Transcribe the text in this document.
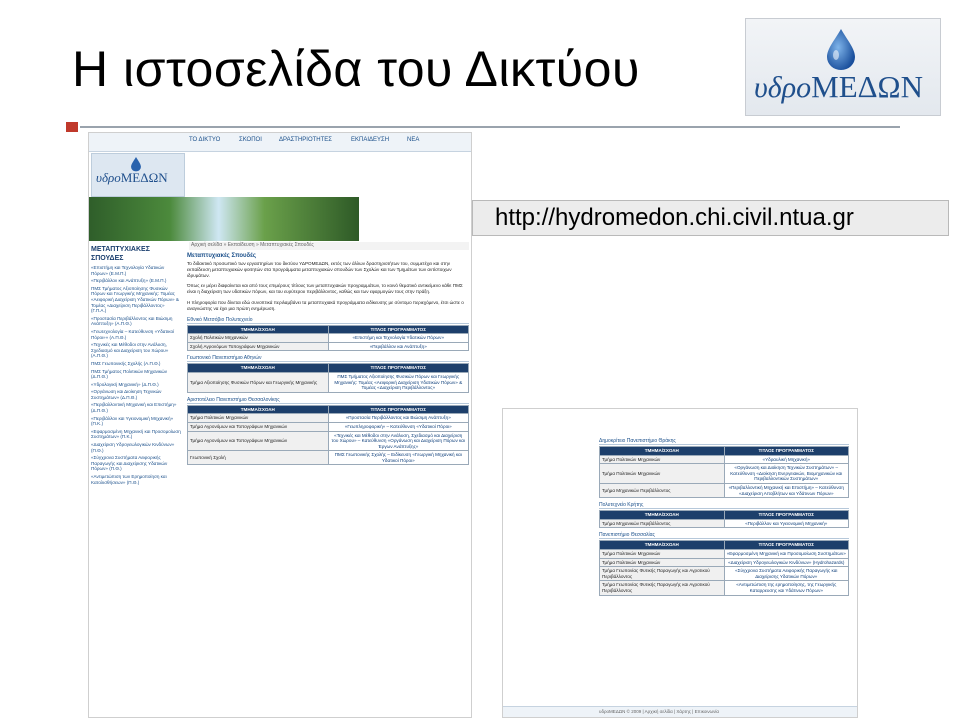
Η ιστοσελίδα του Δικτύου	υδροΜΕΔΩΝ
ΤΟ ΔΙΚΤΥΟ	ΣΚΟΠΟΙ	ΔΡΑΣΤΗΡΙΟΤΗΤΕΣ	ΕΚΠΑΙΔΕΥΣΗ	ΝΕΑ
υδροΜΕΔΩΝ
Αρχική σελίδα » Εκπαίδευση » Μεταπτυχιακές Σπουδές
ΜΕΤΑΠΤΥΧΙΑΚΕΣ ΣΠΟΥΔΕΣ
«Επιστήμη και Τεχνολογία Υδατικών Πόρων» (Ε.Μ.Π.)
«Περιβάλλον και Ανάπτυξη» (Ε.Μ.Π.)
ΠΜΣ Τμήματος Αξιοποίησης Φυσικών Πόρων και Γεωργικής Μηχανικής: Τομέας «Αειφορική Διαχείριση Υδατικών Πόρων» & Τομέας «Διαχείριση Περιβάλλοντος» (Γ.Π.Α.)
«Προστασία Περιβάλλοντος και Βιώσιμη Ανάπτυξη» (Α.Π.Θ.)
«Γεωτεχνολογία – Κατεύθυνση «Υδατικοί Πόροι»» (Α.Π.Θ.)
«Τεχνικές και Μέθοδοι στην Ανάλυση, Σχεδιασμό και Διαχείριση του Χώρου» (Α.Π.Θ.)
ΠΜΣ Γεωπονικής Σχολής (Α.Π.Θ.)
ΠΜΣ Τμήματος Πολιτικών Μηχανικών (Δ.Π.Θ.)
«Υδρολογική Μηχανική» (Δ.Π.Θ.)
«Οργάνωση και Διοίκηση Τεχνικών Συστημάτων» (Δ.Π.Θ.)
«Περιβαλλοντική Μηχανική και Επιστήμη» (Δ.Π.Θ.)
«Περιβάλλον και Υγειονομική Μηχανική» (Π.Κ.)
«Εφαρμοσμένη Μηχανική και Προσομοίωση Συστημάτων» (Π.Κ.)
«Διαχείριση Υδρογεωλογικών Κινδύνων» (Π.Θ.)
«Σύγχρονα Συστήματα Αειφορικής Παραγωγής και Διαχείρισης Υδατικών Πόρων» (Π.Θ.)
«Αντιμετώπιση των Ερημοποίηση και Κατολισθήσεων» (Π.Θ.)
Μεταπτυχιακές Σπουδές
Το διδακτικό προσωπικό των εργαστηρίων του δικτύου ΥΔΡΟΜΕΔΩΝ, εκτός των άλλων δραστηριοτήτων του, συμμετέχει και στην εκπαίδευση μεταπτυχιακών φοιτητών στα προγράμματα μεταπτυχιακών σπουδών των Σχολών και των Τμημάτων των αντίστοιχων ιδρυμάτων.
Όπως εν μέρει διαφαίνεται και από τους επιμέρους τίτλους των μεταπτυχιακών προγραμμάτων, το κοινό θεματικό αντικείμενο κάθε ΠΜΣ είναι η διαχείριση των υδατικών πόρων, και του ευρύτερου περιβάλλοντος, καθώς και των εφαρμογών τους στην πράξη.
Η πληροφορία που δίνεται εδώ συνοπτικά περιλαμβάνει τα μεταπτυχιακά προγράμματα ειδίκευσης με σύντομο περιεχόμενο, έτσι ώστε ο αναγνώστης να έχει μια πρώτη ενημέρωση.
Εθνικό Μετσόβιο Πολυτεχνείο
ΤΜΗΜΑ/ΣΧΟΛΗ	ΤΙΤΛΟΣ ΠΡΟΓΡΑΜΜΑΤΟΣ
Σχολή Πολιτικών Μηχανικών	«Επιστήμη και Τεχνολογία Υδατικών Πόρων»
Σχολή Αγρονόμων Τοπογράφων Μηχανικών	«Περιβάλλον και Ανάπτυξη»
Γεωπονικό Πανεπιστήμιο Αθηνών
ΤΜΗΜΑ/ΣΧΟΛΗ	ΤΙΤΛΟΣ ΠΡΟΓΡΑΜΜΑΤΟΣ
Τμήμα Αξιοποίησης Φυσικών Πόρων και Γεωργικής Μηχανικής	ΠΜΣ Τμήματος Αξιοποίησης Φυσικών Πόρων και Γεωργικής Μηχανικής: Τομέας «Αειφορική Διαχείριση Υδατικών Πόρων» & Τομέας «Διαχείριση Περιβάλλοντος»
Αριστοτέλειο Πανεπιστήμιο Θεσσαλονίκης
ΤΜΗΜΑ/ΣΧΟΛΗ	ΤΙΤΛΟΣ ΠΡΟΓΡΑΜΜΑΤΟΣ
Τμήμα Πολιτικών Μηχανικών	«Προστασία Περιβάλλοντος και Βιώσιμη Ανάπτυξη»
Τμήμα Αγρονόμων και Τοπογράφων Μηχανικών	«Γεωπληροφορική» – Κατεύθυνση «Υδατικοί Πόροι»
Τμήμα Αγρονόμων και Τοπογράφων Μηχανικών	«Τεχνικές και Μέθοδοι στην Ανάλυση, Σχεδιασμό και Διαχείριση του Χώρου» – Κατεύθυνση «Οργάνωση και Διαχείριση Πόρων και Έργων Ανάπτυξης»
Γεωπονική Σχολή	ΠΜΣ Γεωπονικής Σχολής – Ειδίκευση «Γεωργική Μηχανική και Υδατικοί Πόροι»
Δημοκρίτειο Πανεπιστήμιο Θράκης
ΤΜΗΜΑ/ΣΧΟΛΗ	ΤΙΤΛΟΣ ΠΡΟΓΡΑΜΜΑΤΟΣ
Τμήμα Πολιτικών Μηχανικών	«Υδραυλική Μηχανική»
Τμήμα Πολιτικών Μηχανικών	«Οργάνωση και Διοίκηση Τεχνικών Συστημάτων» – Κατεύθυνση «Διοίκηση Ενεργειακών, Βιομηχανικών και Περιβαλλοντικών Συστημάτων»
Τμήμα Μηχανικών Περιβάλλοντος	«Περιβαλλοντική Μηχανική και Επιστήμη» – Κατεύθυνση «Διαχείριση Αποβλήτων και Υδάτινων Πόρων»
Πολυτεχνείο Κρήτης
ΤΜΗΜΑ/ΣΧΟΛΗ	ΤΙΤΛΟΣ ΠΡΟΓΡΑΜΜΑΤΟΣ
Τμήμα Μηχανικών Περιβάλλοντος	«Περιβάλλον και Υγειονομική Μηχανική»
Πανεπιστήμιο Θεσσαλίας
ΤΜΗΜΑ/ΣΧΟΛΗ	ΤΙΤΛΟΣ ΠΡΟΓΡΑΜΜΑΤΟΣ
Τμήμα Πολιτικών Μηχανικών	«Εφαρμοσμένη Μηχανική και Προσομοίωση Συστημάτων»
Τμήμα Πολιτικών Μηχανικών	«Διαχείριση Υδρογεωλογικών Κινδύνων» (Hydrohazards)
Τμήμα Γεωπονίας Φυτικής Παραγωγής και Αγροτικού Περιβάλλοντος	«Σύγχρονα Συστήματα Αειφορικής Παραγωγής και Διαχείρισης Υδατικών Πόρων»
Τμήμα Γεωπονίας Φυτικής Παραγωγής και Αγροτικού Περιβάλλοντος	«Αντιμετώπιση της ερημοποίησης, της Γεωργικής Καταρρευσης και Υδάτινων Πόρων»
υδροΜΕΔΩΝ © 2009 | Αρχική σελίδα | Χάρτης | Επικοινωνία
http://hydromedon.chi.civil.ntua.gr
